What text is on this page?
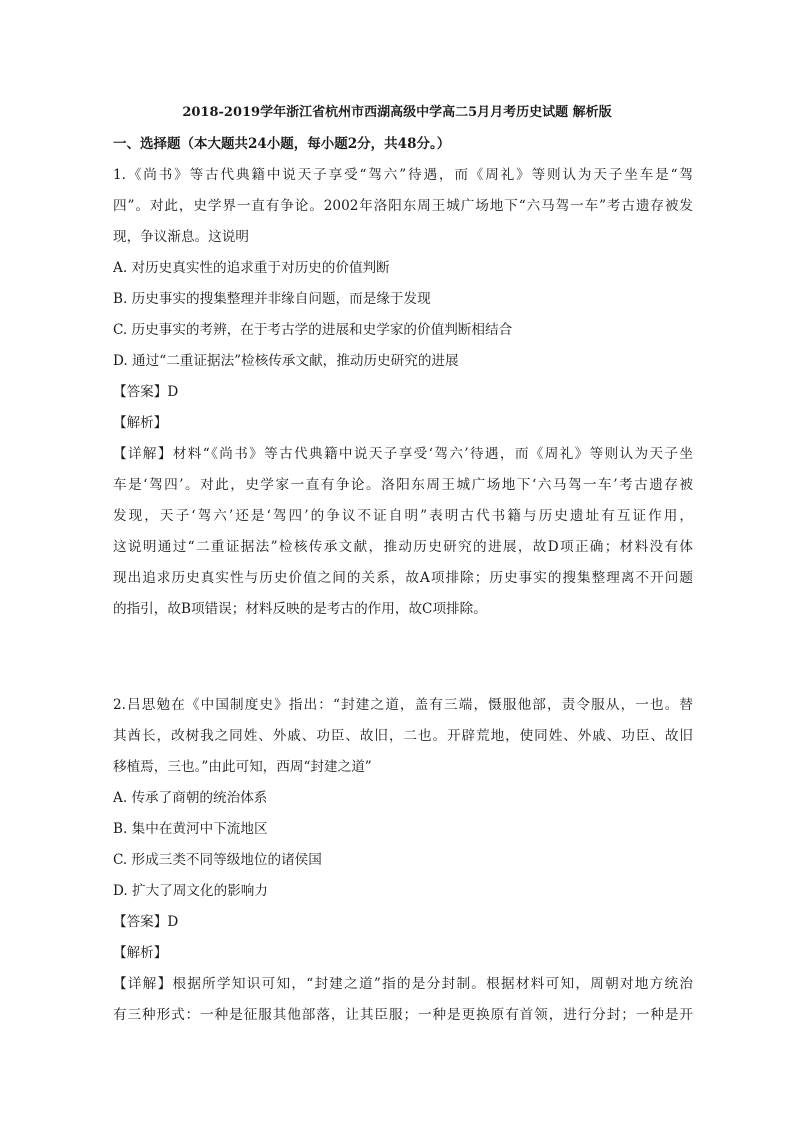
2018-2019学年浙江省杭州市西湖高级中学高二5月月考历史试题 解析版
一、选择题（本大题共24小题，每小题2分，共48分。）
1.《尚书》等古代典籍中说天子享受“驾六”待遇，而《周礼》等则认为天子坐车是“驾
四”。对此，史学界一直有争论。2002年洛阳东周王城广场地下“六马驾一车”考古遗存被发
现，争议渐息。这说明
A. 对历史真实性的追求重于对历史的价值判断
B. 历史事实的搜集整理并非缘自问题，而是缘于发现
C. 历史事实的考辨，在于考古学的进展和史学家的价值判断相结合
D. 通过“二重证据法”检核传承文献，推动历史研究的进展
【答案】D
【解析】
【详解】材料“《尚书》等古代典籍中说天子享受‘驾六’待遇，而《周礼》等则认为天子坐
车是‘驾四’。对此，史学家一直有争论。洛阳东周王城广场地下‘六马驾一车’考古遗存被
发现，天子‘驾六’还是‘驾四’的争议不证自明”表明古代书籍与历史遗址有互证作用，
这说明通过“二重证据法”检核传承文献，推动历史研究的进展，故D项正确；材料没有体
现出追求历史真实性与历史价值之间的关系，故A项排除；历史事实的搜集整理离不开问题
的指引，故B项错误；材料反映的是考古的作用，故C项排除。
2.吕思勉在《中国制度史》指出：“封建之道，盖有三端，慑服他部，责令服从，一也。替
其酋长，改树我之同姓、外戚、功臣、故旧，二也。开辟荒地，使同姓、外戚、功臣、故旧
移植焉，三也。”由此可知，西周“封建之道”
A. 传承了商朝的统治体系
B. 集中在黄河中下流地区
C. 形成三类不同等级地位的诸侯国
D. 扩大了周文化的影响力
【答案】D
【解析】
【详解】根据所学知识可知，“封建之道”指的是分封制。根据材料可知，周朝对地方统治
有三种形式：一种是征服其他部落，让其臣服；一种是更换原有首领，进行分封；一种是开
